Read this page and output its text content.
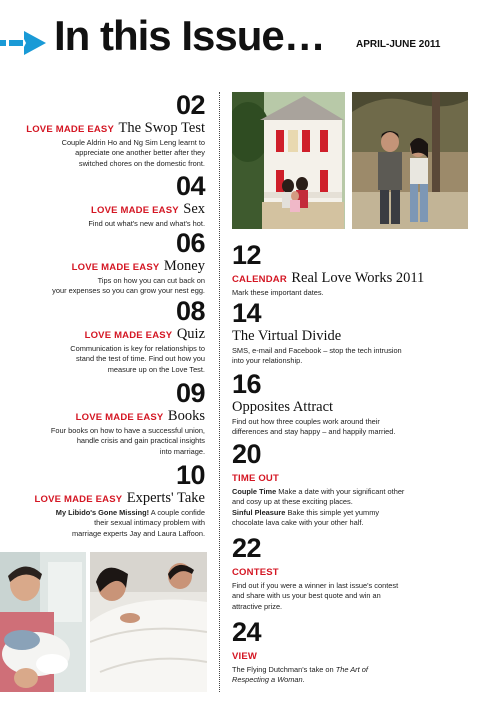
In this Issue…	APRIL-JUNE 2011
02
LOVE MADE EASY The Swop Test
Couple Aldrin Ho and Ng Sim Leng learnt to
appreciate one another better after they
switched chores on the domestic front.
04
LOVE MADE EASY Sex
Find out what's new and what's hot.
06
LOVE MADE EASY Money
Tips on how you can cut back on
your expenses so you can grow your nest egg.
08
LOVE MADE EASY Quiz
Communication is key for relationships to
stand the test of time. Find out how you
measure up on the Love Test.
09
LOVE MADE EASY Books
Four books on how to have a successful union,
handle crisis and gain practical insights
into marriage.
10
LOVE MADE EASY Experts' Take
My Libido's Gone Missing! A couple confide
their sexual intimacy problem with
marriage experts Jay and Laura Laffoon.
12
CALENDAR Real Love Works 2011
Mark these important dates.
14
The Virtual Divide
SMS, e-mail and Facebook – stop the tech intrusion
into your relationship.
16
Opposites Attract
Find out how three couples work around their
differences and stay happy – and happily married.
20
TIME OUT
Couple Time Make a date with your significant other
and cosy up at these exciting places.
Sinful Pleasure Bake this simple yet yummy
chocolate lava cake with your other half.
22
CONTEST
Find out if you were a winner in last issue's contest
and share with us your best quote and win an
attractive prize.
24
VIEW
The Flying Dutchman's take on The Art of
Respecting a Woman.
